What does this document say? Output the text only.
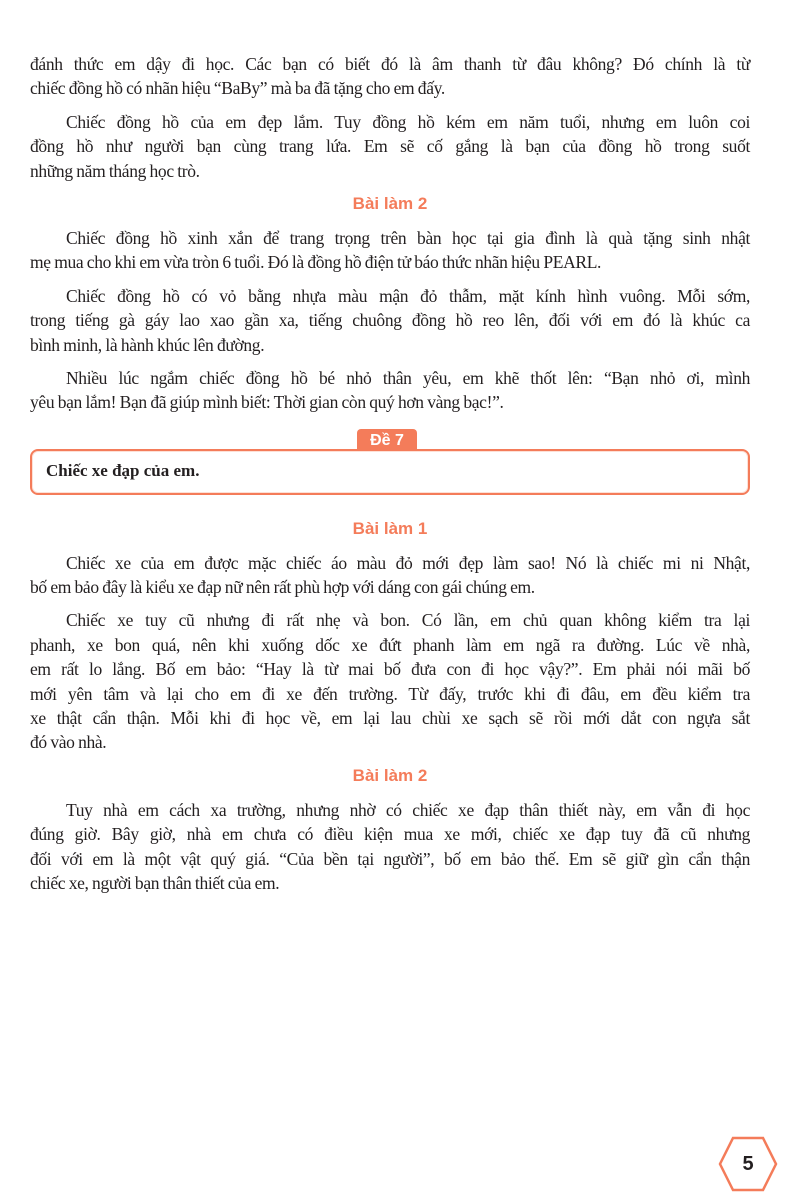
đánh thức em dậy đi học. Các bạn có biết đó là âm thanh từ đâu không? Đó chính là từ
chiếc đồng hồ có nhãn hiệu “BaBy” mà ba đã tặng cho em đấy.
Chiếc đồng hồ của em đẹp lắm. Tuy đồng hồ kém em năm tuổi, nhưng em luôn coi
đồng hồ như người bạn cùng trang lứa. Em sẽ cố gắng là bạn của đồng hồ trong suốt
những năm tháng học trò.
Bài làm 2
Chiếc đồng hồ xinh xắn để trang trọng trên bàn học tại gia đình là quà tặng sinh nhật
mẹ mua cho khi em vừa tròn 6 tuổi. Đó là đồng hồ điện tử báo thức nhãn hiệu PEARL.
Chiếc đồng hồ có vỏ bằng nhựa màu mận đỏ thẫm, mặt kính hình vuông. Mỗi sớm,
trong tiếng gà gáy lao xao gần xa, tiếng chuông đồng hồ reo lên, đối với em đó là khúc ca
bình minh, là hành khúc lên đường.
Nhiều lúc ngắm chiếc đồng hồ bé nhỏ thân yêu, em khẽ thốt lên: “Bạn nhỏ ơi, mình
yêu bạn lắm! Bạn đã giúp mình biết: Thời gian còn quý hơn vàng bạc!”.
Đề 7
Chiếc xe đạp của em.
Bài làm 1
Chiếc xe của em được mặc chiếc áo màu đỏ mới đẹp làm sao! Nó là chiếc mi ni Nhật,
bố em bảo đây là kiểu xe đạp nữ nên rất phù hợp với dáng con gái chúng em.
Chiếc xe tuy cũ nhưng đi rất nhẹ và bon. Có lần, em chủ quan không kiểm tra lại
phanh, xe bon quá, nên khi xuống dốc xe đứt phanh làm em ngã ra đường. Lúc về nhà,
em rất lo lắng. Bố em bảo: “Hay là từ mai bố đưa con đi học vậy?”. Em phải nói mãi bố
mới yên tâm và lại cho em đi xe đến trường. Từ đấy, trước khi đi đâu, em đều kiểm tra
xe thật cẩn thận. Mỗi khi đi học về, em lại lau chùi xe sạch sẽ rồi mới dắt con ngựa sắt
đó vào nhà.
Bài làm 2
Tuy nhà em cách xa trường, nhưng nhờ có chiếc xe đạp thân thiết này, em vẫn đi học
đúng giờ. Bây giờ, nhà em chưa có điều kiện mua xe mới, chiếc xe đạp tuy đã cũ nhưng
đối với em là một vật quý giá. “Của bền tại người”, bố em bảo thế. Em sẽ giữ gìn cẩn thận
chiếc xe, người bạn thân thiết của em.
5
